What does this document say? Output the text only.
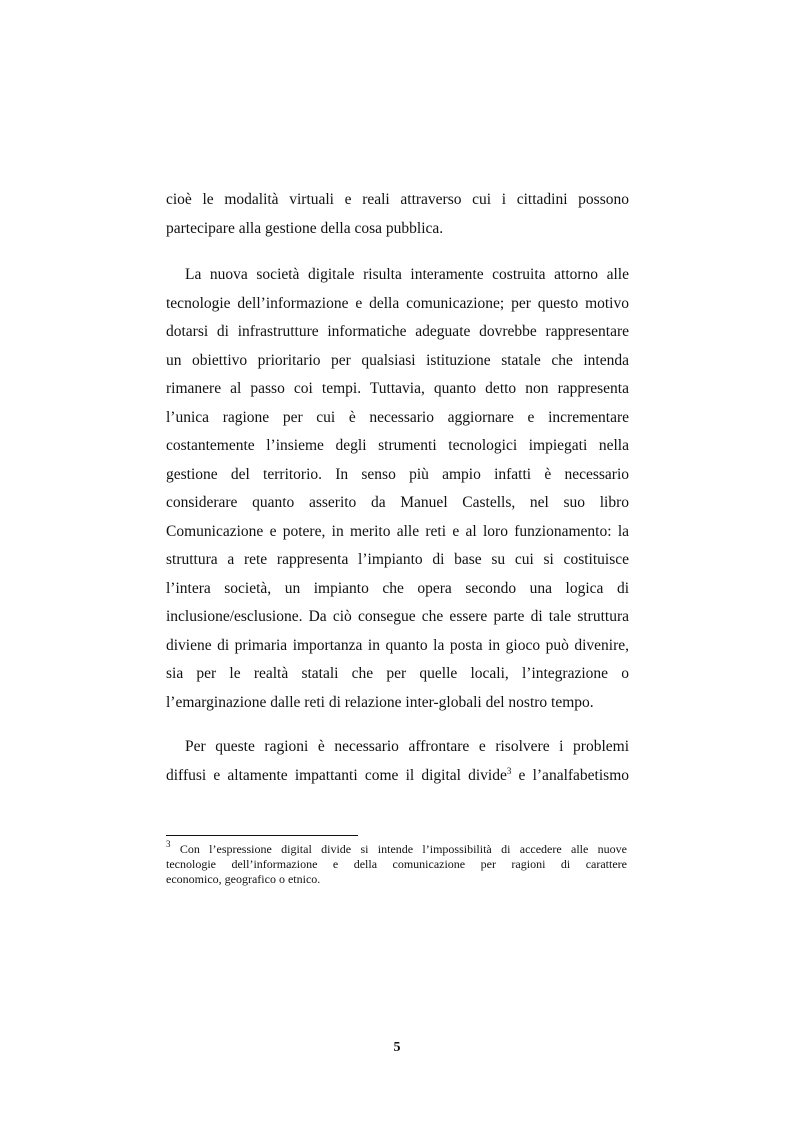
cioè le modalità virtuali e reali attraverso cui i cittadini possono
partecipare alla gestione della cosa pubblica.
La nuova società digitale risulta interamente costruita attorno alle
tecnologie dell’informazione e della comunicazione; per questo motivo
dotarsi di infrastrutture informatiche adeguate dovrebbe rappresentare
un obiettivo prioritario per qualsiasi istituzione statale che intenda
rimanere al passo coi tempi. Tuttavia, quanto detto non rappresenta
l’unica ragione per cui è necessario aggiornare e incrementare
costantemente l’insieme degli strumenti tecnologici impiegati nella
gestione del territorio. In senso più ampio infatti è necessario
considerare quanto asserito da Manuel Castells, nel suo libro
Comunicazione e potere, in merito alle reti e al loro funzionamento: la
struttura a rete rappresenta l’impianto di base su cui si costituisce
l’intera società, un impianto che opera secondo una logica di
inclusione/esclusione. Da ciò consegue che essere parte di tale struttura
diviene di primaria importanza in quanto la posta in gioco può divenire,
sia per le realtà statali che per quelle locali, l’integrazione o
l’emarginazione dalle reti di relazione inter-globali del nostro tempo.
Per queste ragioni è necessario affrontare e risolvere i problemi
diffusi e altamente impattanti come il digital divide$^3$ e l’analfabetismo
$^3$ Con l’espressione digital divide si intende l’impossibilità di accedere alle nuove
tecnologie dell’informazione e della comunicazione per ragioni di carattere
economico, geografico o etnico.
5
